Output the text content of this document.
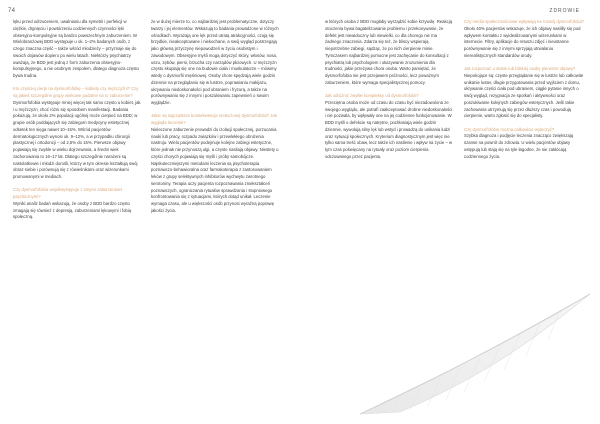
74	ZDROWIE

lęku przed odrzuceniem, uwalnianiu dla symetrii i perfekcji w ciężkie, drgnięciu i powtórzeniu codziennych czynności lęki obsesyjno-kompulsyjne są bardzo powszechnym zaburzeniem. W Wielobranżowej BDD występuje u ok. 1–2% badanych osób, z czego znaczna część – także wśród młodzieży – przyznaje się do swoich objawów dopiero po wielu latach. Niektórzy psychiatrzy uważają, że BDD jest jedną z form zaburzenia obsesyjno-kompulsyjnego, a nie osobnym zespołem, dlatego diagnoza często bywa trudna.

Kto częściej cierpi na dysmorfofobię – kobiety czy mężczyźni? Czy są jakieś szczególne grupy wiekowe podatne na to zaburzenie?

Dysmorfofobia występuje mniej więcej tak samo często u kobiet, jak i u mężczyzn, choć różni się sposobem manifestacji. Badania pokazują, że około 2% populacji ogólnej może cierpieć na BDD; w grupie osób poddających się zabiegom medycyny estetycznej odsetek ten sięga nawet 10–15%. Wśród pacjentów dermatologicznych wynosi ok. 9–12%, a w przypadku chirurgii plastycznej i ortodoncji – od 2,5% do 15%. Pierwsze objawy pojawiają się zwykle w wieku dojrzewania, a średni wiek zachorowania to 16–17 lat. Dlatego szczególnie narażeni są nastolatkowie i młodzi dorośli, którzy w tym okresie kształtują swój obraz siebie i porównują się z rówieśnikami oraz wizerunkami promowanymi w mediach.

Czy dysmorfofobia współwystępuje z innymi zaburzeniami psychicznymi?

Wyniki analiz badań wskazują, że osoby z BDD bardzo często zmagają się również z depresją, zaburzeniami lękowymi i fobią społeczną.

że w dużej mierze to, co najbardziej jest problematyczne, dotyczy twarzy i jej elementów. Wskazują to badania prowadzone w różnych ośrodkach. Wyrażają one lęk przed utratą atrakcyjności, czują się brzydkie, nieakceptowane i niekochane, a swój wygląd postrzegają jako główną przyczynę niepowodzeń w życiu osobistym i zawodowym. Obsesyjne myśli mogą dotyczyć skóry, włosów, nosa, uszu, zębów, piersi, brzucha czy narządów płciowych. U mężczyzn często skupiają się one na budowie ciała i muskulaturze – mówimy wtedy o dysmorfii mięśniowej. Osoby chore spędzają wiele godzin dziennie na przeglądaniu się w lustrze, poprawianiu makijażu, ukrywaniu niedoskonałości pod ubraniem i fryzurą, a także na porównywaniu się z innymi i poszukiwaniu zapewnień o swoim wyglądzie.

Jakie są najczęstsze konsekwencje nieleczonej dysmorfofobii? Jak wygląda leczenie?

Nieleczone zaburzenie prowadzi do izolacji społecznej, porzucania nauki lub pracy, rozpadu związków i przewlekłego obniżenia nastroju. Wielu pacjentów podejmuje kolejne zabiegi estetyczne, które jednak nie przynoszą ulgi, a często nasilają objawy. Niestety u części chorych pojawiają się myśli i próby samobójcze. Najskuteczniejszymi metodami leczenia są psychoterapia poznawczo-behawioralna oraz farmakoterapia z zastosowaniem leków z grupy selektywnych inhibitorów wychwytu zwrotnego serotoniny. Terapia uczy pacjenta rozpoznawania zniekształceń poznawczych, ograniczania rytuałów sprawdzania i stopniowego konfrontowania się z sytuacjami, których dotąd unikał. Leczenie wymaga czasu, ale u większości osób przynosi wyraźną poprawę jakości życia.

w których osoba z BDD mogłaby wyrządzić sobie krzywdę. Reakcją otoczenia bywa bagatelizowanie problemu i przekonywanie, że defekt jest niewidoczny lub niewielki, co dla chorego nie ma żadnego znaczenia. Zdarza się też, że bliscy wspierają niepotrzebne zabiegi, sądząc, że po nich cierpienie minie. Tymczasem najbardziej pomocne jest zachęcanie do konsultacji z psychiatrą lub psychologiem i okazywanie zrozumienia dla trudności, jakie przeżywa chora osoba. Warto pamiętać, że dysmorfofobia nie jest przejawem próżności, lecz poważnym zaburzeniem, które wymaga specjalistycznej pomocy.

Jak odróżnić zwykłe kompleksy od dysmorfofobii?

Przeciętna osoba może od czasu do czasu być niezadowolona ze swojego wyglądu, ale potrafi zaakceptować drobne niedoskonałości i nie pozwala, by wpływały one na jej codzienne funkcjonowanie. W BDD myśli o defekcie są natrętne, pochłaniają wiele godzin dziennie, wywołują silny lęk lub wstyd i prowadzą do unikania ludzi oraz sytuacji społecznych. Kryterium diagnostycznym jest więc nie tylko sama treść obaw, lecz także ich nasilenie i wpływ na życie – w tym czas poświęcany na rytuały oraz poziom cierpienia odczuwanego przez pacjenta.

Czy media społecznościowe wpływają na rozwój dysmorfofobii?

Około 40% pacjentów wskazuje, że ich objawy nasiliły się pod wpływem kontaktu z wyidealizowanymi wizerunkami w internecie. Filtry, aplikacje do retuszu zdjęć i nieustanne porównywanie się z innymi sprzyjają utrwalaniu nierealistycznych standardów urody.

Jak rozpoznać u siebie lub bliskiej osoby pierwsze objawy?

Niepokojące są: częste przeglądanie się w lustrze lub całkowite unikanie luster, długie przygotowania przed wyjściem z domu, ukrywanie części ciała pod ubraniem, ciągłe pytanie innych o swój wygląd, rezygnacja ze spotkań i aktywności oraz poszukiwanie kolejnych zabiegów estetycznych. Jeśli takie zachowania utrzymują się przez dłuższy czas i powodują cierpienie, warto zgłosić się do specjalisty.

Czy dysmorfofobię można całkowicie wyleczyć?

Szybka diagnoza i podjęcie leczenia znacząco zwiększają szanse na powrót do zdrowia. U wielu pacjentów objawy ustępują lub stają się na tyle łagodne, że nie zakłócają codziennego życia.
